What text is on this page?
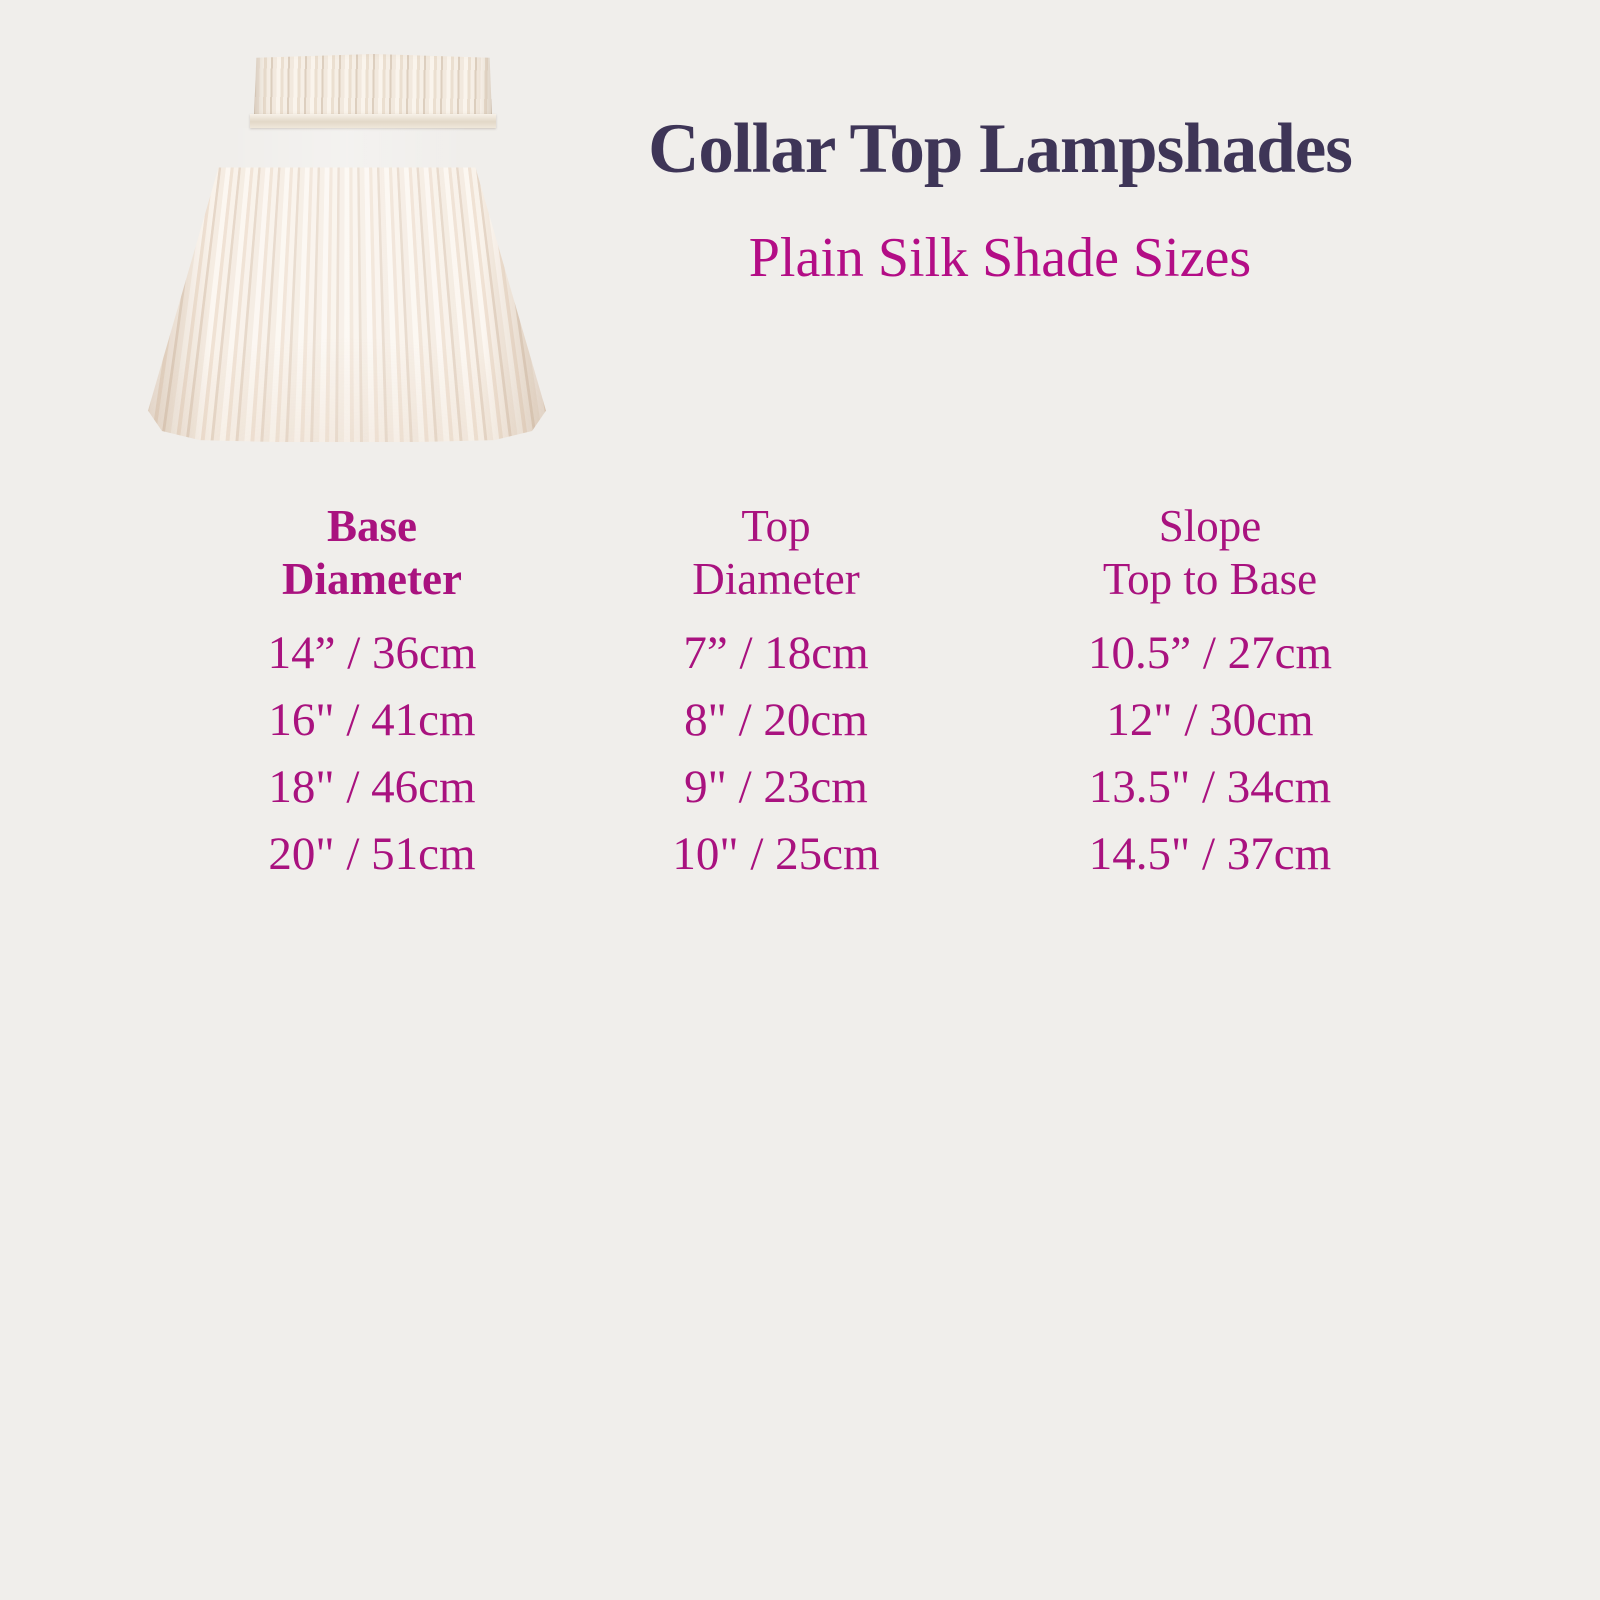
Collar Top Lampshades
Plain Silk Shade Sizes
Base
Diameter
14” / 36cm
16" / 41cm
18" / 46cm
20" / 51cm
Top
Diameter
7” / 18cm
8" / 20cm
9" / 23cm
10" / 25cm
Slope
Top to Base
10.5” / 27cm
12" / 30cm
13.5" / 34cm
14.5" / 37cm
